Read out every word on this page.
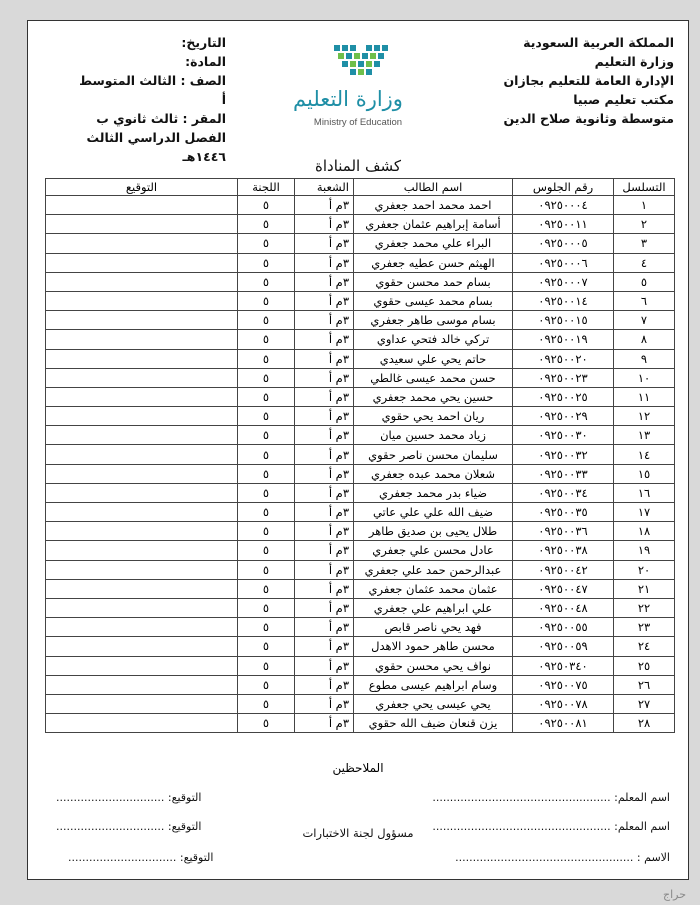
المملكة العربية السعودية
وزارة التعليم
الإدارة العامة للتعليم بجازان
مكتب تعليم صبيا
متوسطة وثانوية صلاح الدين
وزارة التعليم
Ministry of Education
التاريخ:
المادة:
الصف : الثالث المتوسط أ
المقر : ثالث ثانوي ب
الفصل الدراسي الثالث ١٤٤٦هـ
كشف المناداة
التسلسل	رقم الجلوس	اسم الطالب	الشعبة	اللجنة	التوقيع
١	٠٩٢٥٠٠٠٤	احمد محمد احمد جعفري	٣م أ	٥	
٢	٠٩٢٥٠٠١١	أسامة إبراهيم عثمان جعفري	٣م أ	٥	
٣	٠٩٢٥٠٠٠٥	البراء علي محمد جعفري	٣م أ	٥	
٤	٠٩٢٥٠٠٠٦	الهيثم حسن عطيه جعفري	٣م أ	٥	
٥	٠٩٢٥٠٠٠٧	بسام حمد محسن حقوي	٣م أ	٥	
٦	٠٩٢٥٠٠١٤	بسام محمد عيسى حقوي	٣م أ	٥	
٧	٠٩٢٥٠٠١٥	بسام موسى طاهر جعفري	٣م أ	٥	
٨	٠٩٢٥٠٠١٩	تركي خالد فتحي عداوي	٣م أ	٥	
٩	٠٩٢٥٠٠٢٠	حاتم يحي علي سعيدي	٣م أ	٥	
١٠	٠٩٢٥٠٠٢٣	حسن محمد عيسى غالطي	٣م أ	٥	
١١	٠٩٢٥٠٠٢٥	حسين يحي محمد جعفري	٣م أ	٥	
١٢	٠٩٢٥٠٠٢٩	ريان احمد يحي حقوي	٣م أ	٥	
١٣	٠٩٢٥٠٠٣٠	زياد محمد حسين ميان	٣م أ	٥	
١٤	٠٩٢٥٠٠٣٢	سليمان محسن ناصر حقوي	٣م أ	٥	
١٥	٠٩٢٥٠٠٣٣	شعلان محمد عبده جعفري	٣م أ	٥	
١٦	٠٩٢٥٠٠٣٤	ضياء بدر محمد جعفري	٣م أ	٥	
١٧	٠٩٢٥٠٠٣٥	ضيف الله علي علي عاتي	٣م أ	٥	
١٨	٠٩٢٥٠٠٣٦	طلال يحيى بن صديق طاهر	٣م أ	٥	
١٩	٠٩٢٥٠٠٣٨	عادل محسن علي جعفري	٣م أ	٥	
٢٠	٠٩٢٥٠٠٤٢	عبدالرحمن حمد علي جعفري	٣م أ	٥	
٢١	٠٩٢٥٠٠٤٧	عثمان محمد عثمان جعفري	٣م أ	٥	
٢٢	٠٩٢٥٠٠٤٨	علي ابراهيم علي جعفري	٣م أ	٥	
٢٣	٠٩٢٥٠٠٥٥	فهد يحي ناصر قابص	٣م أ	٥	
٢٤	٠٩٢٥٠٠٥٩	محسن طاهر حمود الاهدل	٣م أ	٥	
٢٥	٠٩٢٥٠٣٤٠	نواف يحي محسن حقوي	٣م أ	٥	
٢٦	٠٩٢٥٠٠٧٥	وسام ابراهيم عيسى مطوع	٣م أ	٥	
٢٧	٠٩٢٥٠٠٧٨	يحي عيسى يحي جعفري	٣م أ	٥	
٢٨	٠٩٢٥٠٠٨١	يزن قنعان ضيف الله حقوي	٣م أ	٥	
الملاحظين
اسم المعلم: ...................................................
التوقيع: ...............................
اسم المعلم: ...................................................
التوقيع: ...............................	مسؤول لجنة الاختبارات
الاسم : ...................................................
التوقيع: ...............................
حراج
